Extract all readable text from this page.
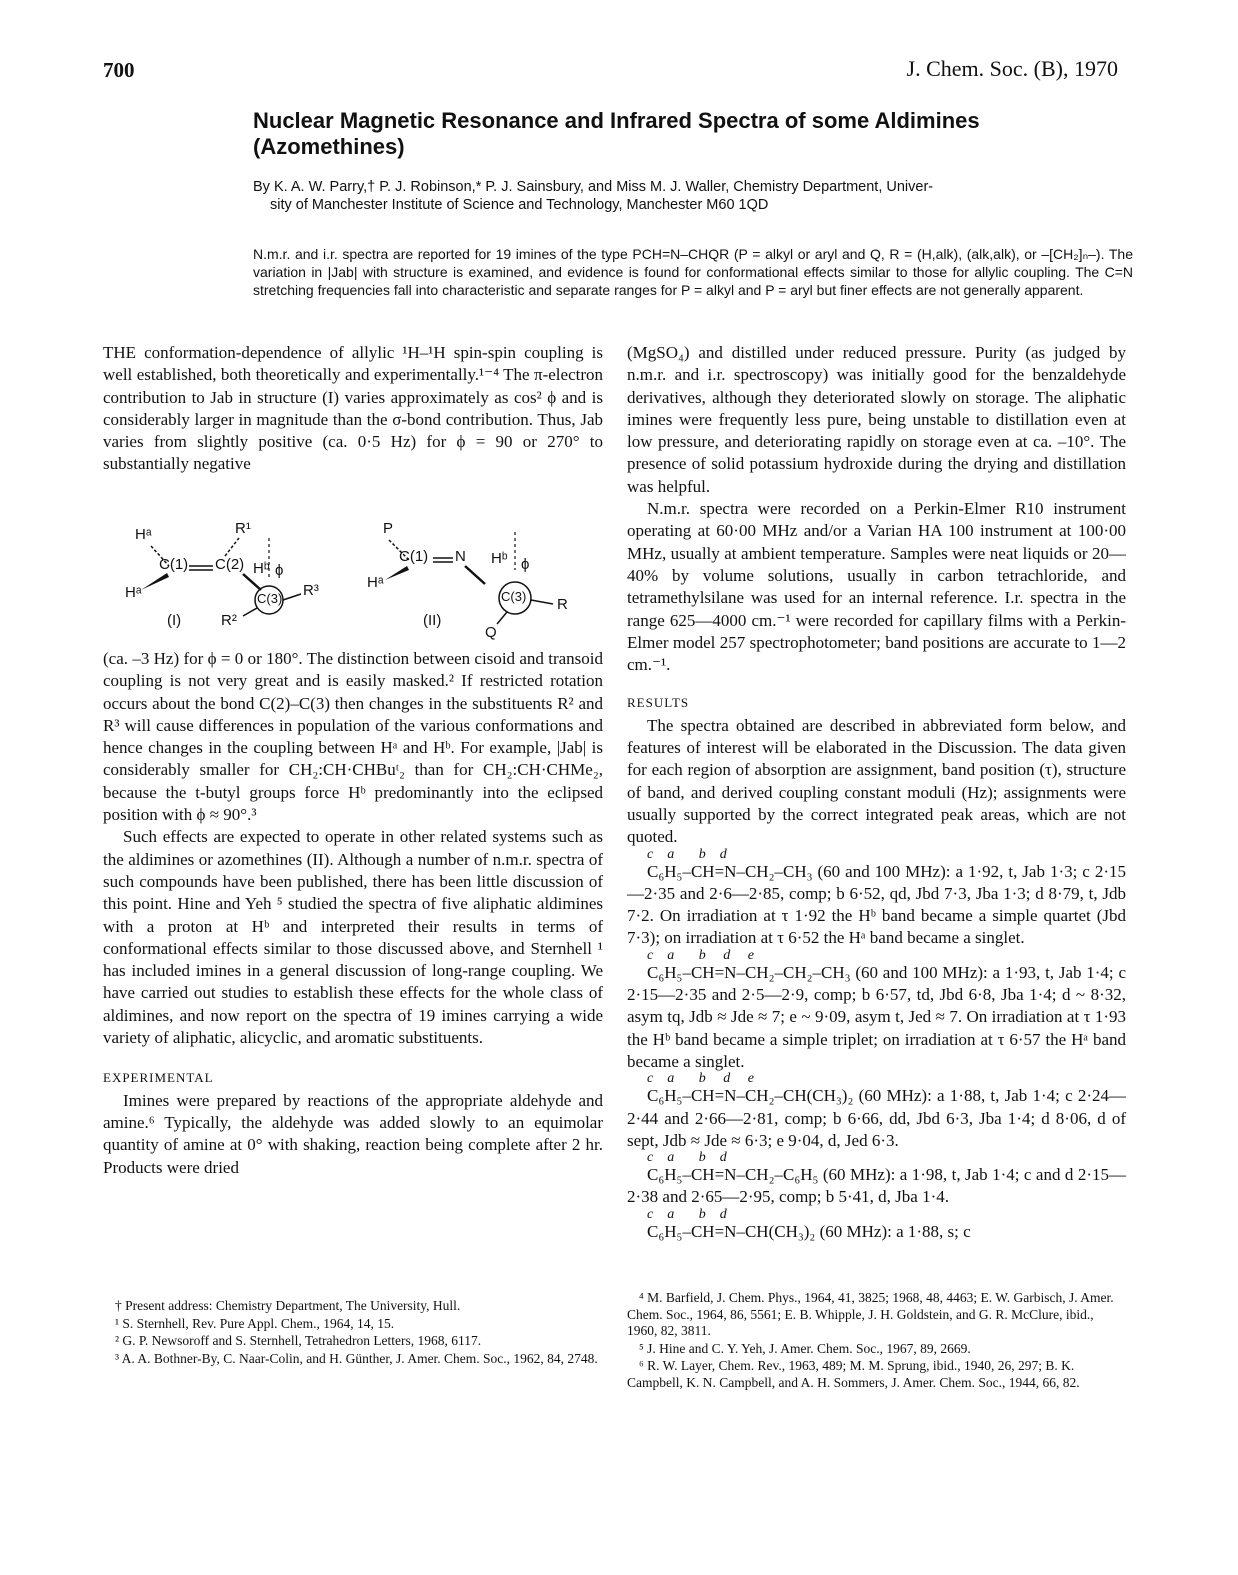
700	J. Chem. Soc. (B), 1970
Nuclear Magnetic Resonance and Infrared Spectra of some Aldimines (Azomethines)
By K. A. W. Parry,† P. J. Robinson,* P. J. Sainsbury, and Miss M. J. Waller, Chemistry Department, Univer-
sity of Manchester Institute of Science and Technology, Manchester M60 1QD
N.m.r. and i.r. spectra are reported for 19 imines of the type PCH=N–CHQR (P = alkyl or aryl and Q, R = (H,alk), (alk,alk), or –[CH₂]ₙ–). The variation in |Jab| with structure is examined, and evidence is found for conformational effects similar to those for allylic coupling. The C=N stretching frequencies fall into characteristic and separate ranges for P = alkyl and P = aryl but finer effects are not generally apparent.

THE conformation-dependence of allylic ¹H–¹H spin-spin coupling is well established, both theoretically and experimentally.¹⁻⁴ The π-electron contribution to Jab in structure (I) varies approximately as cos² ϕ and is considerably larger in magnitude than the σ-bond contribution. Thus, Jab varies from slightly positive (ca. 0·5 Hz) for ϕ = 90 or 270° to substantially negative

Hᵃ
C(1)
Hᵃ
C(2)
R¹
Hᵇ ϕ
C(3) R³
R²
(I)
P
C(1) N
Hᵃ
Hᵇ ϕ
C(3) R
Q
(II)

(ca. –3 Hz) for ϕ = 0 or 180°. The distinction between cisoid and transoid coupling is not very great and is easily masked.² If restricted rotation occurs about the bond C(2)–C(3) then changes in the substituents R² and R³ will cause differences in population of the various conformations and hence changes in the coupling between Hᵃ and Hᵇ. For example, |Jab| is considerably smaller for CH₂:CH·CHBuᵗ₂ than for CH₂:CH·CHMe₂, because the t-butyl groups force Hᵇ predominantly into the eclipsed position with ϕ ≈ 90°.³

Such effects are expected to operate in other related systems such as the aldimines or azomethines (II). Although a number of n.m.r. spectra of such compounds have been published, there has been little discussion of this point. Hine and Yeh ⁵ studied the spectra of five aliphatic aldimines with a proton at Hᵇ and interpreted their results in terms of conformational effects similar to those discussed above, and Sternhell ¹ has included imines in a general discussion of long-range coupling. We have carried out studies to establish these effects for the whole class of aldimines, and now report on the spectra of 19 imines carrying a wide variety of aliphatic, alicyclic, and aromatic substituents.

EXPERIMENTAL

Imines were prepared by reactions of the appropriate aldehyde and amine.⁶ Typically, the aldehyde was added slowly to an equimolar quantity of amine at 0° with shaking, reaction being complete after 2 hr. Products were dried

† Present address: Chemistry Department, The University, Hull.

¹ S. Sternhell, Rev. Pure Appl. Chem., 1964, 14, 15.

² G. P. Newsoroff and S. Sternhell, Tetrahedron Letters, 1968, 6117.

³ A. A. Bothner-By, C. Naar-Colin, and H. Günther, J. Amer. Chem. Soc., 1962, 84, 2748.

(MgSO₄) and distilled under reduced pressure. Purity (as judged by n.m.r. and i.r. spectroscopy) was initially good for the benzaldehyde derivatives, although they deteriorated slowly on storage. The aliphatic imines were frequently less pure, being unstable to distillation even at low pressure, and deteriorating rapidly on storage even at ca. –10°. The presence of solid potassium hydroxide during the drying and distillation was helpful.

N.m.r. spectra were recorded on a Perkin-Elmer R10 instrument operating at 60·00 MHz and/or a Varian HA 100 instrument at 100·00 MHz, usually at ambient temperature. Samples were neat liquids or 20—40% by volume solutions, usually in carbon tetrachloride, and tetramethylsilane was used for an internal reference. I.r. spectra in the range 625—4000 cm.⁻¹ were recorded for capillary films with a Perkin-Elmer model 257 spectrophotometer; band positions are accurate to 1—2 cm.⁻¹.

RESULTS

The spectra obtained are described in abbreviated form below, and features of interest will be elaborated in the Discussion. The data given for each region of absorption are assignment, band position (τ), structure of band, and derived coupling constant moduli (Hz); assignments were usually supported by the correct integrated peak areas, which are not quoted.

c    a       b    d

C₆H₅–CH=N–CH₂–CH₃ (60 and 100 MHz): a 1·92, t, Jab 1·3; c 2·15—2·35 and 2·6—2·85, comp; b 6·52, qd, Jbd 7·3, Jba 1·3; d 8·79, t, Jdb 7·2. On irradiation at τ 1·92 the Hᵇ band became a simple quartet (Jbd 7·3); on irradiation at τ 6·52 the Hᵃ band became a singlet.

c    a       b     d     e

C₆H₅–CH=N–CH₂–CH₂–CH₃ (60 and 100 MHz): a 1·93, t, Jab 1·4; c 2·15—2·35 and 2·5—2·9, comp; b 6·57, td, Jbd 6·8, Jba 1·4; d ~ 8·32, asym tq, Jdb ≈ Jde ≈ 7; e ~ 9·09, asym t, Jed ≈ 7. On irradiation at τ 1·93 the Hᵇ band became a simple triplet; on irradiation at τ 6·57 the Hᵃ band became a singlet.

c    a       b     d     e

C₆H₅–CH=N–CH₂–CH(CH₃)₂ (60 MHz): a 1·88, t, Jab 1·4; c 2·24—2·44 and 2·66—2·81, comp; b 6·66, dd, Jbd 6·3, Jba 1·4; d 8·06, d of sept, Jdb ≈ Jde ≈ 6·3; e 9·04, d, Jed 6·3.

c    a       b    d

C₆H₅–CH=N–CH₂–C₆H₅ (60 MHz): a 1·98, t, Jab 1·4; c and d 2·15—2·38 and 2·65—2·95, comp; b 5·41, d, Jba 1·4.

c    a       b    d

C₆H₅–CH=N–CH(CH₃)₂ (60 MHz): a 1·88, s; c

⁴ M. Barfield, J. Chem. Phys., 1964, 41, 3825; 1968, 48, 4463; E. W. Garbisch, J. Amer. Chem. Soc., 1964, 86, 5561; E. B. Whipple, J. H. Goldstein, and G. R. McClure, ibid., 1960, 82, 3811.

⁵ J. Hine and C. Y. Yeh, J. Amer. Chem. Soc., 1967, 89, 2669.

⁶ R. W. Layer, Chem. Rev., 1963, 489; M. M. Sprung, ibid., 1940, 26, 297; B. K. Campbell, K. N. Campbell, and A. H. Sommers, J. Amer. Chem. Soc., 1944, 66, 82.
